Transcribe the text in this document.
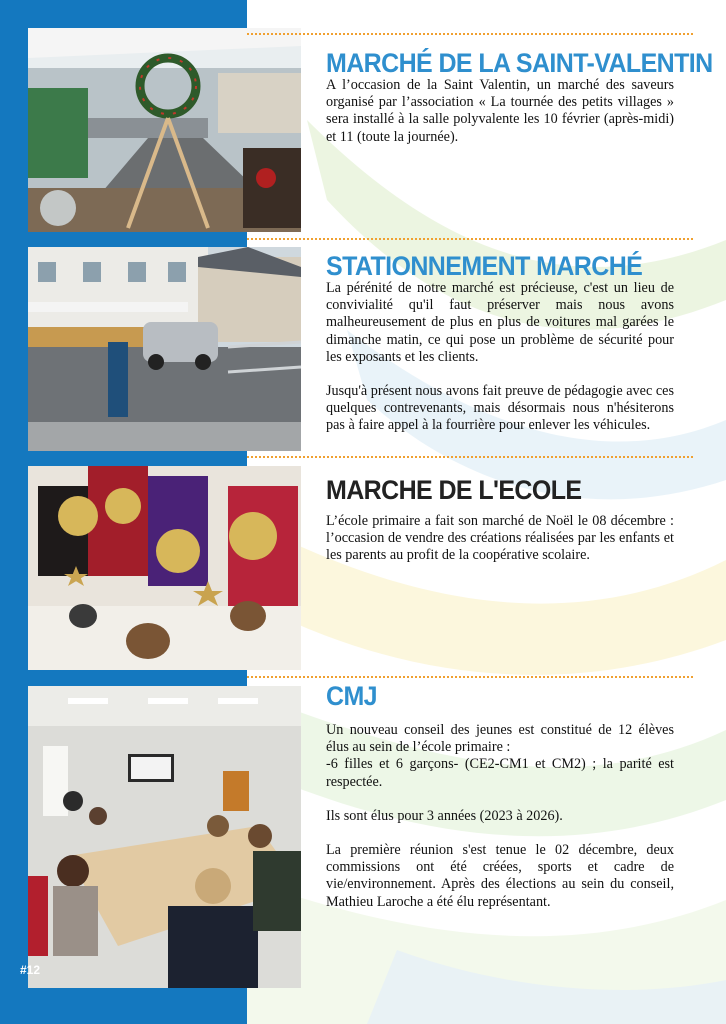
MARCHÉ DE LA SAINT-VALENTIN

A l’occasion de la Saint Valentin, un marché des saveurs organisé par l’association « La tournée des petits villages » sera installé à la salle polyvalente les 10 février (après-midi) et 11 (toute la journée).

STATIONNEMENT MARCHÉ

La pérénité de notre marché est précieuse, c'est un lieu de convivialité qu'il faut préserver mais nous avons malheureusement de plus en plus de voitures mal garées le dimanche matin, ce qui pose un problème de sécurité pour les exposants et les clients.

Jusqu'à présent nous avons fait preuve de pédagogie avec ces quelques contrevenants, mais désormais nous n'hésiterons pas à faire appel à la fourrière pour enlever les véhicules.

MARCHE DE L'ECOLE

L’école primaire a fait son marché de Noël le 08 décembre : l’occasion de vendre des créations réalisées par les enfants et les parents au profit de la coopérative scolaire.

CMJ

Un nouveau conseil des jeunes est constitué de 12 élèves élus au sein de l’école primaire :

-6 filles et 6 garçons- (CE2-CM1 et CM2) ; la parité est respectée.

Ils sont élus pour 3 années (2023 à 2026).

La première réunion s'est tenue le 02 décembre, deux commissions ont été créées, sports et cadre de vie/environnement. Après des élections au sein du conseil, Mathieu Laroche a été élu représentant.

#12
